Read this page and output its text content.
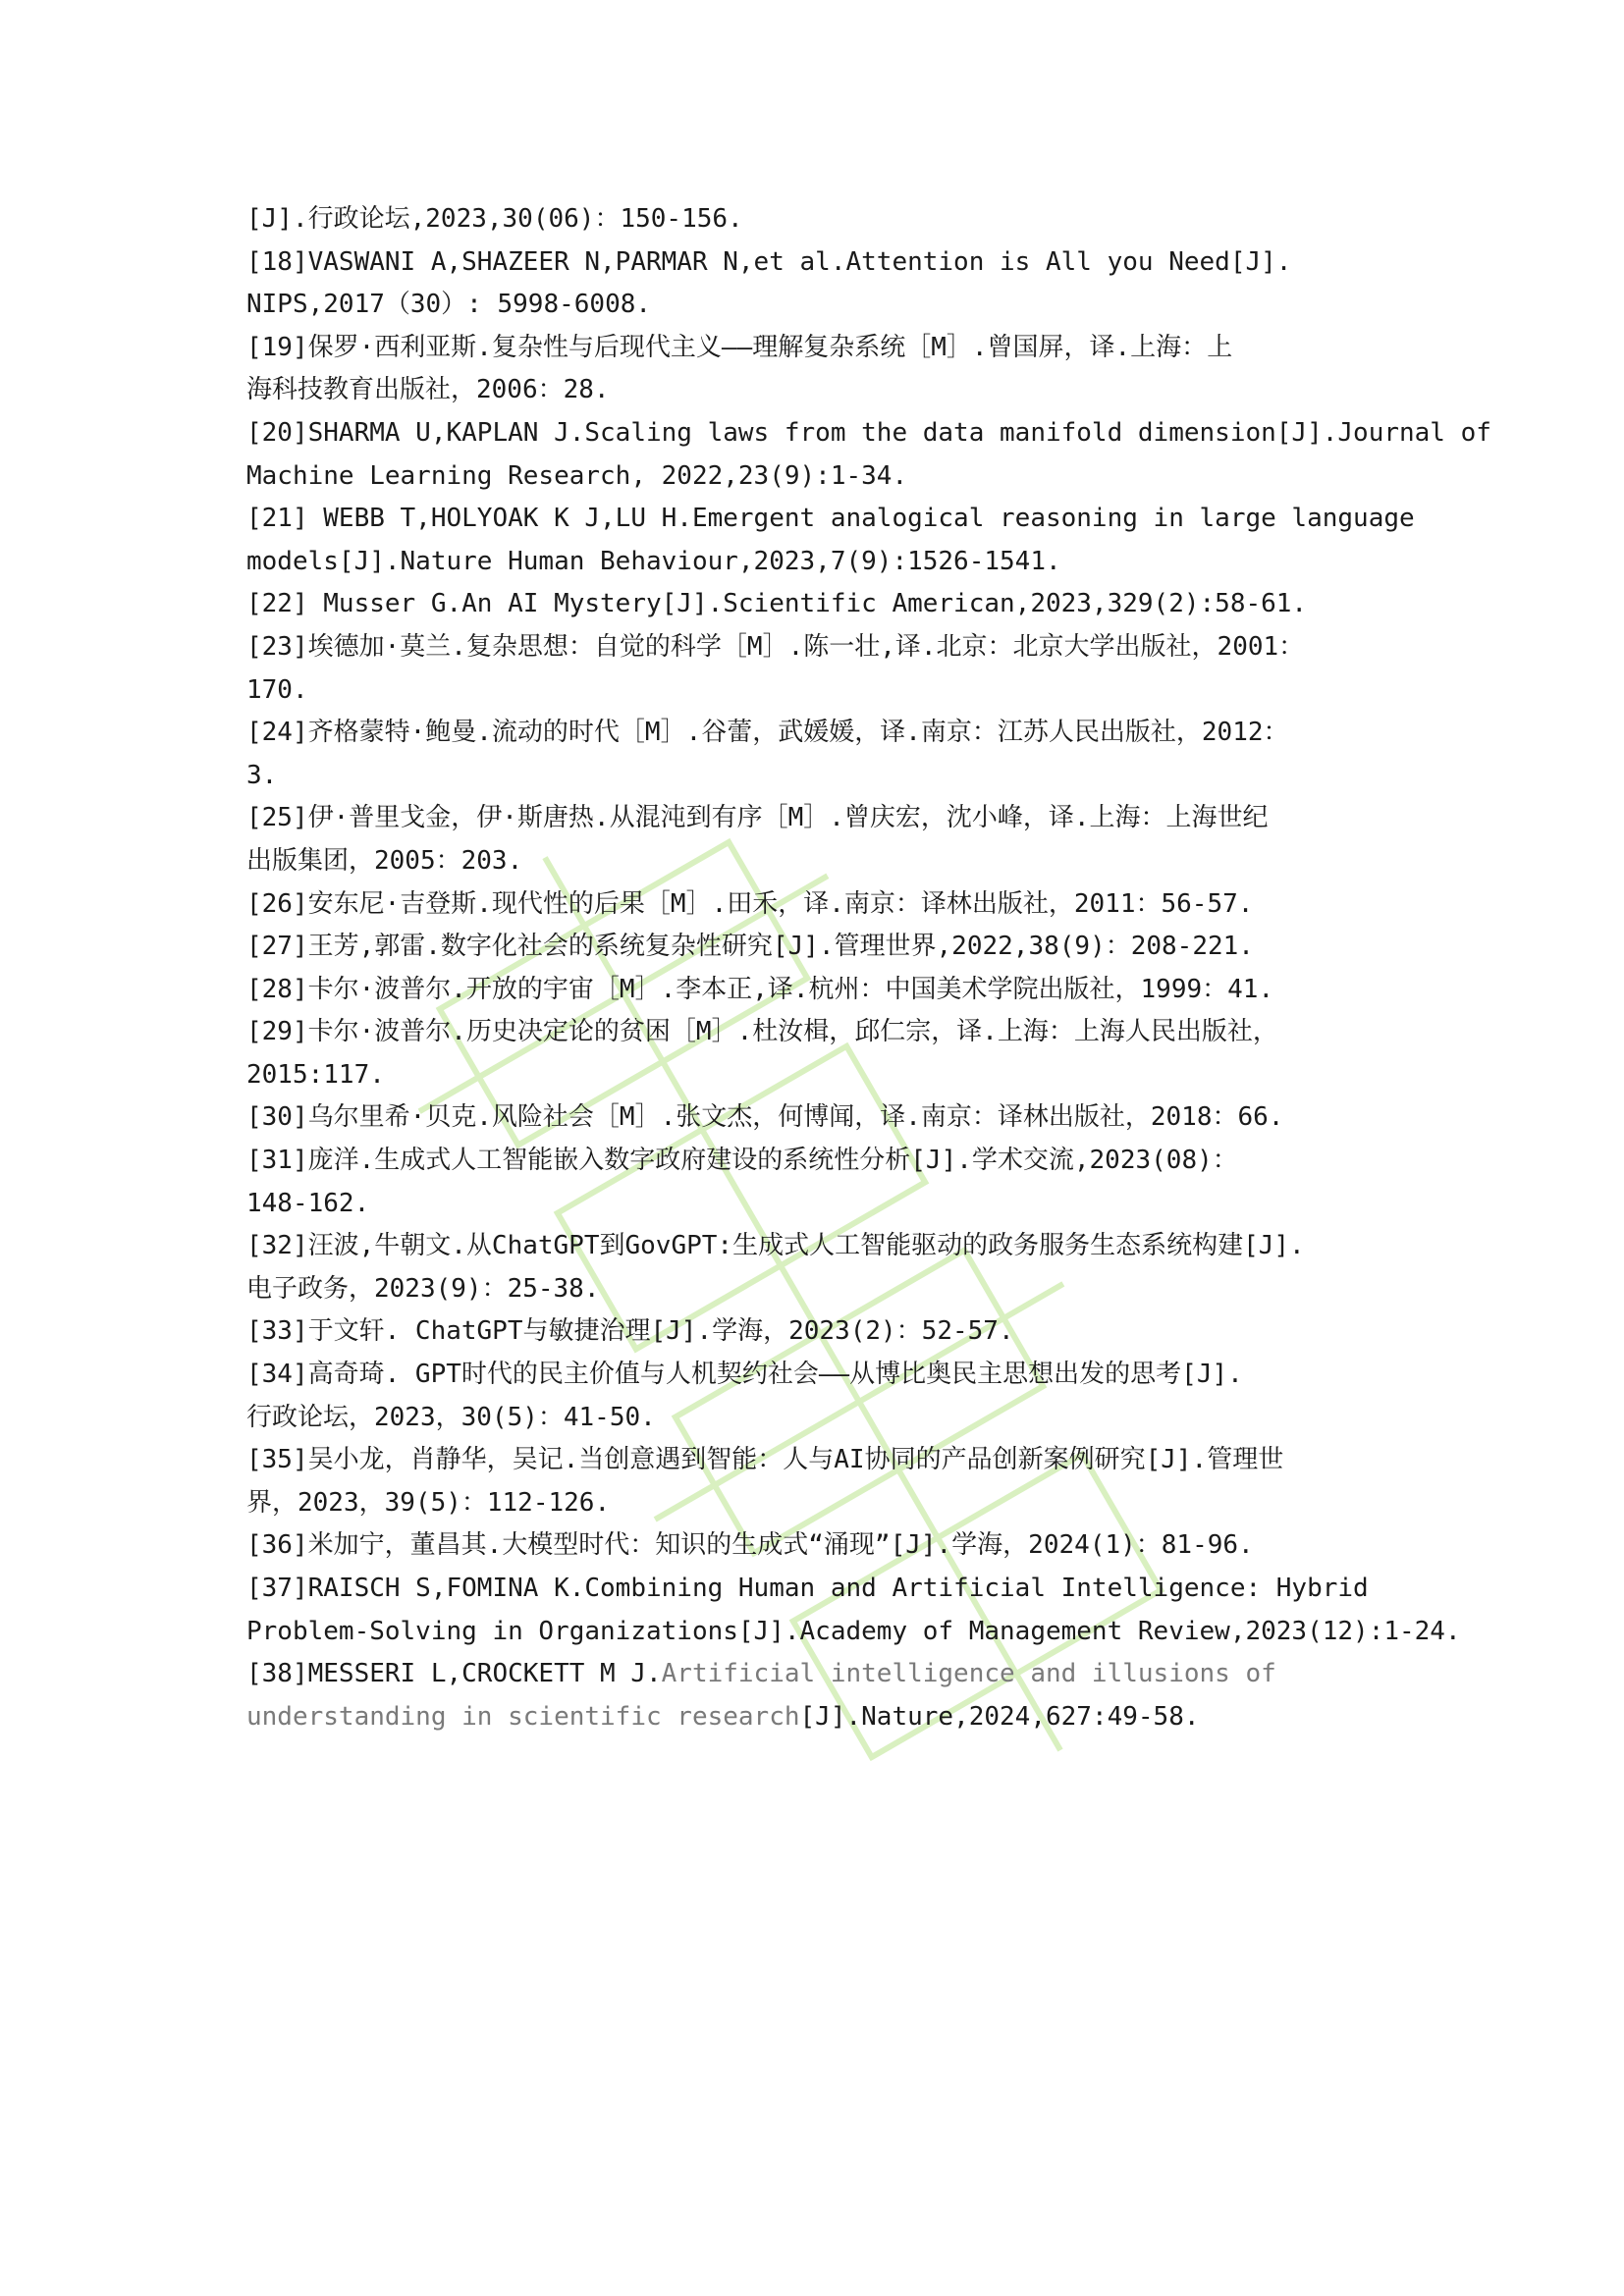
[J].行政论坛,2023,30(06)：150-156.
[18]VASWANI A,SHAZEER N,PARMAR N,et al.Attention is All you Need[J].
NIPS,2017（30）: 5998-6008.
[19]保罗·西利亚斯.复杂性与后现代主义——理解复杂系统［M］.曾国屏，译.上海：上
海科技教育出版社，2006：28.
[20]SHARMA U,KAPLAN J.Scaling laws from the data manifold dimension[J].Journal of
Machine Learning Research, 2022,23(9):1-34.
[21] WEBB T,HOLYOAK K J,LU H.Emergent analogical reasoning in large language
models[J].Nature Human Behaviour,2023,7(9):1526-1541.
[22] Musser G.An AI Mystery[J].Scientific American,2023,329(2):58-61.
[23]埃德加·莫兰.复杂思想：自觉的科学［M］.陈一壮,译.北京：北京大学出版社，2001：
170.
[24]齐格蒙特·鲍曼.流动的时代［M］.谷蕾，武媛媛，译.南京：江苏人民出版社，2012：
3.
[25]伊·普里戈金，伊·斯唐热.从混沌到有序［M］.曾庆宏，沈小峰，译.上海：上海世纪
出版集团，2005：203.
[26]安东尼·吉登斯.现代性的后果［M］.田禾，译.南京：译林出版社，2011：56-57.
[27]王芳,郭雷.数字化社会的系统复杂性研究[J].管理世界,2022,38(9)：208-221.
[28]卡尔·波普尔.开放的宇宙［M］.李本正,译.杭州：中国美术学院出版社，1999：41.
[29]卡尔·波普尔.历史决定论的贫困［M］.杜汝楫，邱仁宗，译.上海：上海人民出版社，
2015:117.
[30]乌尔里希·贝克.风险社会［M］.张文杰，何博闻，译.南京：译林出版社，2018：66.
[31]庞洋.生成式人工智能嵌入数字政府建设的系统性分析[J].学术交流,2023(08)：
148-162.
[32]汪波,牛朝文.从ChatGPT到GovGPT:生成式人工智能驱动的政务服务生态系统构建[J].
电子政务，2023(9)：25-38.
[33]于文轩. ChatGPT与敏捷治理[J].学海，2023(2)：52-57.
[34]高奇琦. GPT时代的民主价值与人机契约社会——从博比奥民主思想出发的思考[J].
行政论坛，2023，30(5)：41-50.
[35]吴小龙，肖静华，吴记.当创意遇到智能：人与AI协同的产品创新案例研究[J].管理世
界，2023，39(5)：112-126.
[36]米加宁，董昌其.大模型时代：知识的生成式“涌现”[J].学海，2024(1)：81-96.
[37]RAISCH S,FOMINA K.Combining Human and Artificial Intelligence: Hybrid
Problem-Solving in Organizations[J].Academy of Management Review,2023(12):1-24.
[38]MESSERI L,CROCKETT M J.Artificial intelligence and illusions of
understanding in scientific research[J].Nature,2024,627:49-58.
